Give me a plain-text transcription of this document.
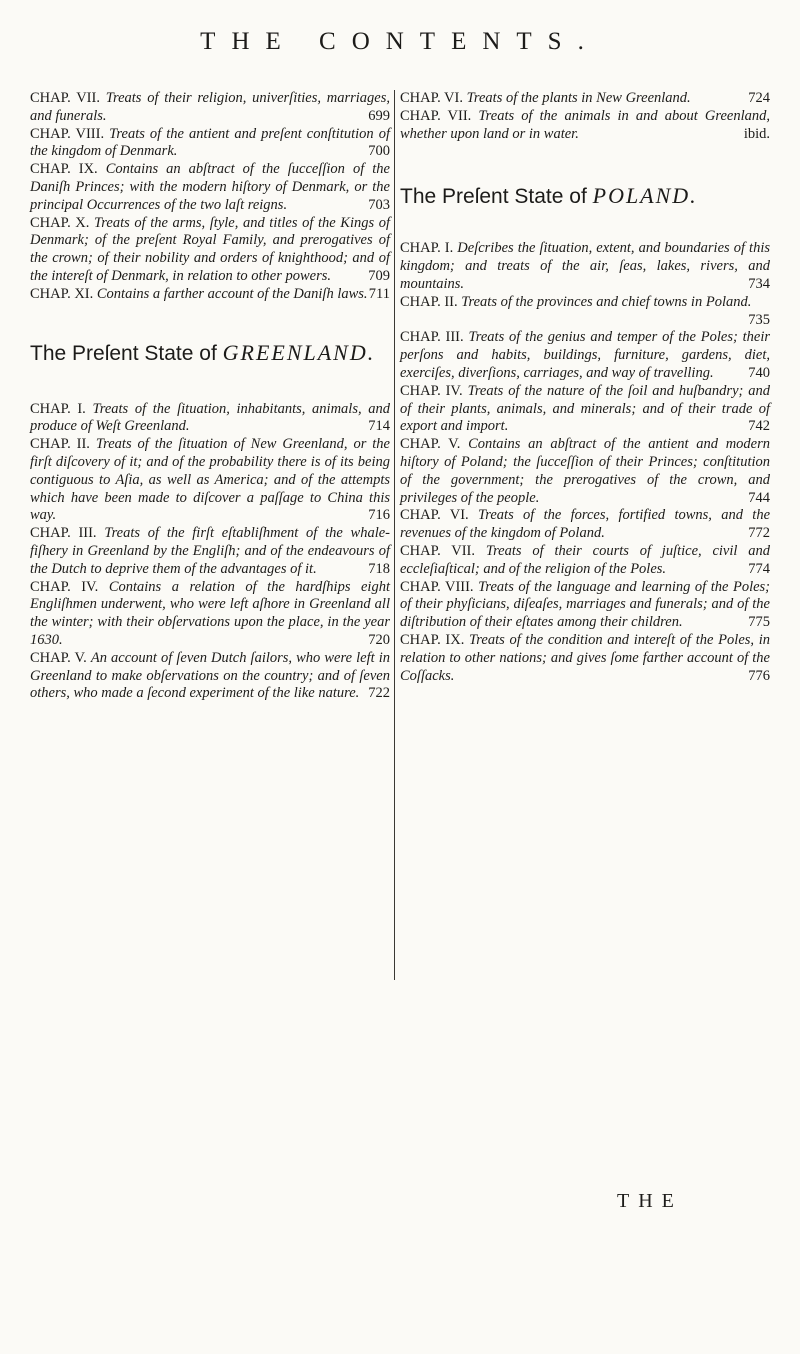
THE CONTENTS.
CHAP. VII. Treats of their religion, univerſities, marriages, and funerals.	699
CHAP. VIII. Treats of the antient and preſent conſtitution of the kingdom of Denmark.	700
CHAP. IX. Contains an abſtract of the ſucceſſion of the Daniſh Princes; with the modern hiſtory of Denmark, or the principal Occurrences of the two laſt reigns.	703
CHAP. X. Treats of the arms, ſtyle, and titles of the Kings of Denmark; of the preſent Royal Family, and prerogatives of the crown; of their nobility and orders of knighthood; and of the intereſt of Denmark, in relation to other powers.	709
CHAP. XI. Contains a farther account of the Daniſh laws. 711
The Preſent State of GREENLAND.
CHAP. I. Treats of the ſituation, inhabitants, animals, and produce of Weſt Greenland.	714
CHAP. II. Treats of the ſituation of New Greenland, or the firſt diſcovery of it; and of the probability there is of its being contiguous to Aſia, as well as America; and of the attempts which have been made to diſcover a paſſage to China this way.	716
CHAP. III. Treats of the firſt eſtabliſhment of the whale-fiſhery in Greenland by the Engliſh; and of the endeavours of the Dutch to deprive them of the advantages of it.	718
CHAP. IV. Contains a relation of the hardſhips eight Engliſhmen underwent, who were left aſhore in Greenland all the winter; with their obſervations upon the place, in the year 1630.	720
CHAP. V. An account of ſeven Dutch ſailors, who were left in Greenland to make obſervations on the country; and of ſeven others, who made a ſecond experiment of the like nature. 722
CHAP. VI. Treats of the plants in New Greenland.	724
CHAP. VII. Treats of the animals in and about Greenland, whether upon land or in water.	ibid.
The Preſent State of POLAND.
CHAP. I. Deſcribes the ſituation, extent, and boundaries of this kingdom; and treats of the air, ſeas, lakes, rivers, and mountains.	734
CHAP. II. Treats of the provinces and chief towns in Poland.
735
CHAP. III. Treats of the genius and temper of the Poles; their perſons and habits, buildings, furniture, gardens, diet, exerciſes, diverſions, carriages, and way of travelling. 740
CHAP. IV. Treats of the nature of the ſoil and huſbandry; and of their plants, animals, and minerals; and of their trade of export and import.	742
CHAP. V. Contains an abſtract of the antient and modern hiſtory of Poland; the ſucceſſion of their Princes; conſtitution of the government; the prerogatives of the crown, and privileges of the people.	744
CHAP. VI. Treats of the forces, fortified towns, and the revenues of the kingdom of Poland.	772
CHAP. VII. Treats of their courts of juſtice, civil and eccleſiaſtical; and of the religion of the Poles.	774
CHAP. VIII. Treats of the language and learning of the Poles; of their phyſicians, diſeaſes, marriages and funerals; and of the diſtribution of their eſtates among their children.	775
CHAP. IX. Treats of the condition and intereſt of the Poles, in relation to other nations; and gives ſome farther account of the Coſſacks.	776
THE
